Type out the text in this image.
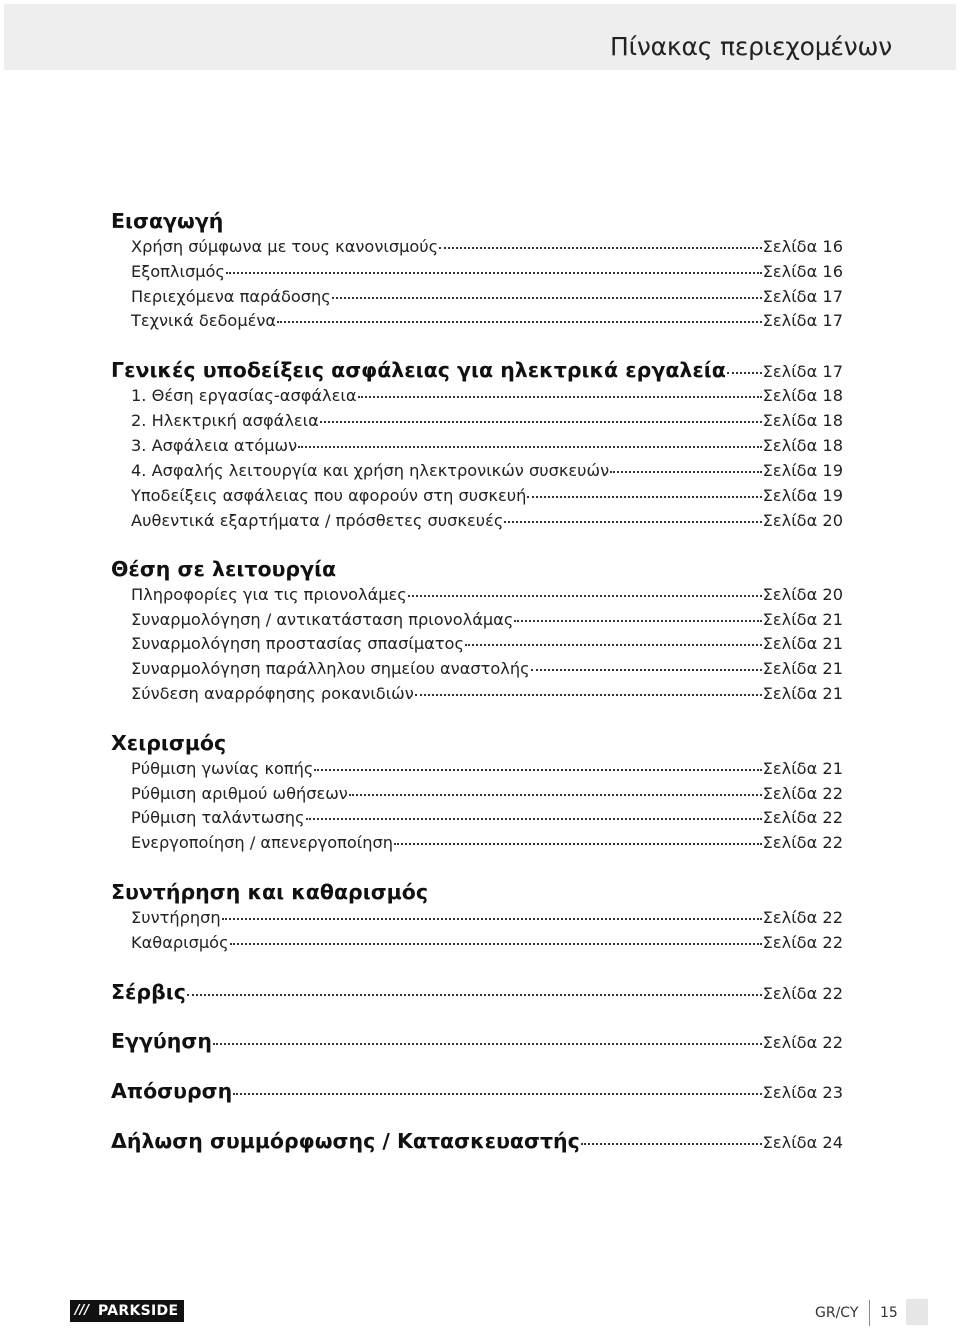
Πίνακας περιεχομένων
Εισαγωγή
Χρήση σύμφωνα με τους κανονισμούς	Σελίδα 16
Εξοπλισμός	Σελίδα 16
Περιεχόμενα παράδοσης	Σελίδα 17
Τεχνικά δεδομένα	Σελίδα 17
Γενικές υποδείξεις ασφάλειας για ηλεκτρικά εργαλεία Σελίδα 17
1. Θέση εργασίας-ασφάλεια	Σελίδα 18
2. Ηλεκτρική ασφάλεια	Σελίδα 18
3. Ασφάλεια ατόμων	Σελίδα 18
4. Ασφαλής λειτουργία και χρήση ηλεκτρονικών συσκευών	Σελίδα 19
Υποδείξεις ασφάλειας που αφορούν στη συσκευή	Σελίδα 19
Αυθεντικά εξαρτήματα / πρόσθετες συσκευές	Σελίδα 20
Θέση σε λειτουργία
Πληροφορίες για τις πριονολάμες	Σελίδα 20
Συναρμολόγηση / αντικατάσταση πριονολάμας	Σελίδα 21
Συναρμολόγηση προστασίας σπασίματος	Σελίδα 21
Συναρμολόγηση παράλληλου σημείου αναστολής	Σελίδα 21
Σύνδεση αναρρόφησης ροκανιδιών	Σελίδα 21
Χειρισμός
Ρύθμιση γωνίας κοπής	Σελίδα 21
Ρύθμιση αριθμού ωθήσεων	Σελίδα 22
Ρύθμιση ταλάντωσης	Σελίδα 22
Ενεργοποίηση / απενεργοποίηση	Σελίδα 22
Συντήρηση και καθαρισμός
Συντήρηση	Σελίδα 22
Καθαρισμός	Σελίδα 22
Σέρβις	Σελίδα 22
Εγγύηση	Σελίδα 22
Απόσυρση	Σελίδα 23
Δήλωση συμμόρφωσης / Κατασκευαστής	Σελίδα 24
/// PARKSIDE	GR/CY 15
